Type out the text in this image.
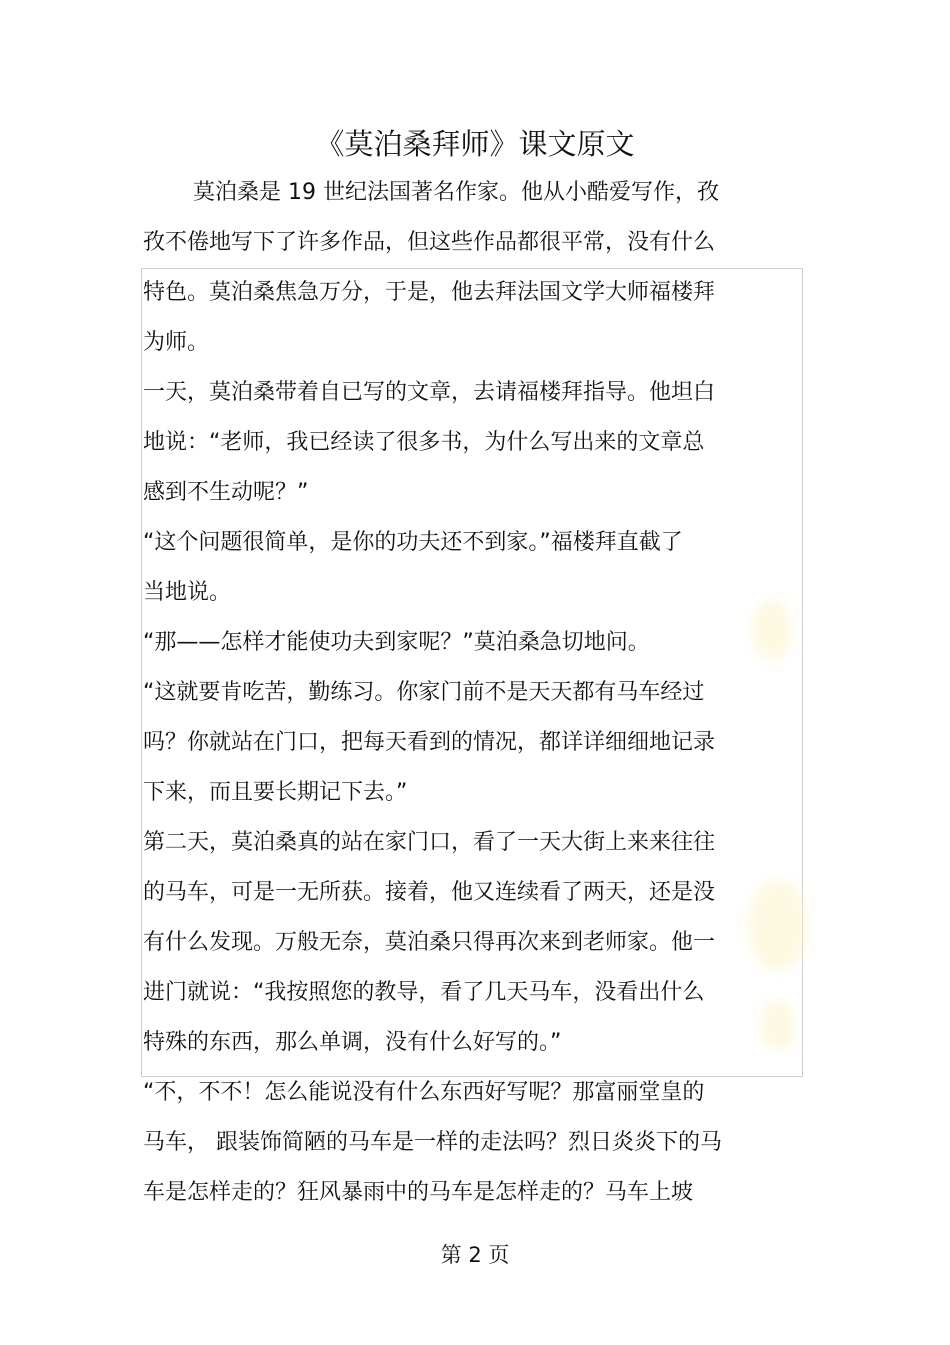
《莫泊桑拜师》课文原文
莫泊桑是 19 世纪法国著名作家。他从小酷爱写作，孜
孜不倦地写下了许多作品，但这些作品都很平常，没有什么
特色。莫泊桑焦急万分，于是，他去拜法国文学大师福楼拜
为师。
一天，莫泊桑带着自已写的文章，去请福楼拜指导。他坦白
地说：“老师，我已经读了很多书，为什么写出来的文章总
感到不生动呢？”
“这个问题很简单，是你的功夫还不到家。”福楼拜直截了
当地说。
“那——怎样才能使功夫到家呢？”莫泊桑急切地问。
“这就要肯吃苦，勤练习。你家门前不是天天都有马车经过
吗？你就站在门口，把每天看到的情况，都详详细细地记录
下来，而且要长期记下去。”
第二天，莫泊桑真的站在家门口，看了一天大街上来来往往
的马车，可是一无所获。接着，他又连续看了两天，还是没
有什么发现。万般无奈，莫泊桑只得再次来到老师家。他一
进门就说：“我按照您的教导，看了几天马车，没看出什么
特殊的东西，那么单调，没有什么好写的。”
“不，不不！怎么能说没有什么东西好写呢？那富丽堂皇的
马车， 跟装饰简陋的马车是一样的走法吗？烈日炎炎下的马
车是怎样走的？狂风暴雨中的马车是怎样走的？马车上坡
第 2 页
